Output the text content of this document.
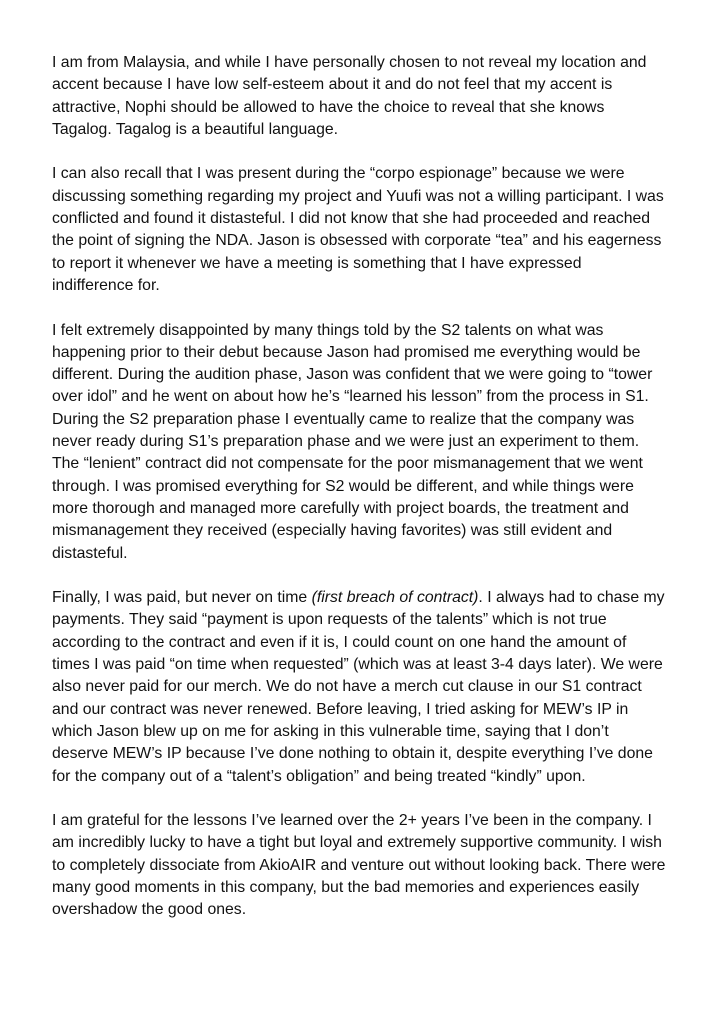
I am from Malaysia, and while I have personally chosen to not reveal my location and accent because I have low self-esteem about it and do not feel that my accent is attractive, Nophi should be allowed to have the choice to reveal that she knows Tagalog. Tagalog is a beautiful language.

I can also recall that I was present during the “corpo espionage” because we were discussing something regarding my project and Yuufi was not a willing participant. I was conflicted and found it distasteful. I did not know that she had proceeded and reached the point of signing the NDA. Jason is obsessed with corporate “tea” and his eagerness to report it whenever we have a meeting is something that I have expressed indifference for.

I felt extremely disappointed by many things told by the S2 talents on what was happening prior to their debut because Jason had promised me everything would be different. During the audition phase, Jason was confident that we were going to “tower over idol” and he went on about how he’s “learned his lesson” from the process in S1. During the S2 preparation phase I eventually came to realize that the company was never ready during S1’s preparation phase and we were just an experiment to them. The “lenient” contract did not compensate for the poor mismanagement that we went through. I was promised everything for S2 would be different, and while things were more thorough and managed more carefully with project boards, the treatment and mismanagement they received (especially having favorites) was still evident and distasteful.

Finally, I was paid, but never on time (first breach of contract). I always had to chase my payments. They said “payment is upon requests of the talents” which is not true according to the contract and even if it is, I could count on one hand the amount of times I was paid “on time when requested” (which was at least 3-4 days later). We were also never paid for our merch. We do not have a merch cut clause in our S1 contract and our contract was never renewed. Before leaving, I tried asking for MEW’s IP in which Jason blew up on me for asking in this vulnerable time, saying that I don’t deserve MEW’s IP because I’ve done nothing to obtain it, despite everything I’ve done for the company out of a “talent’s obligation” and being treated “kindly” upon.

I am grateful for the lessons I’ve learned over the 2+ years I’ve been in the company. I am incredibly lucky to have a tight but loyal and extremely supportive community. I wish to completely dissociate from AkioAIR and venture out without looking back. There were many good moments in this company, but the bad memories and experiences easily overshadow the good ones.
